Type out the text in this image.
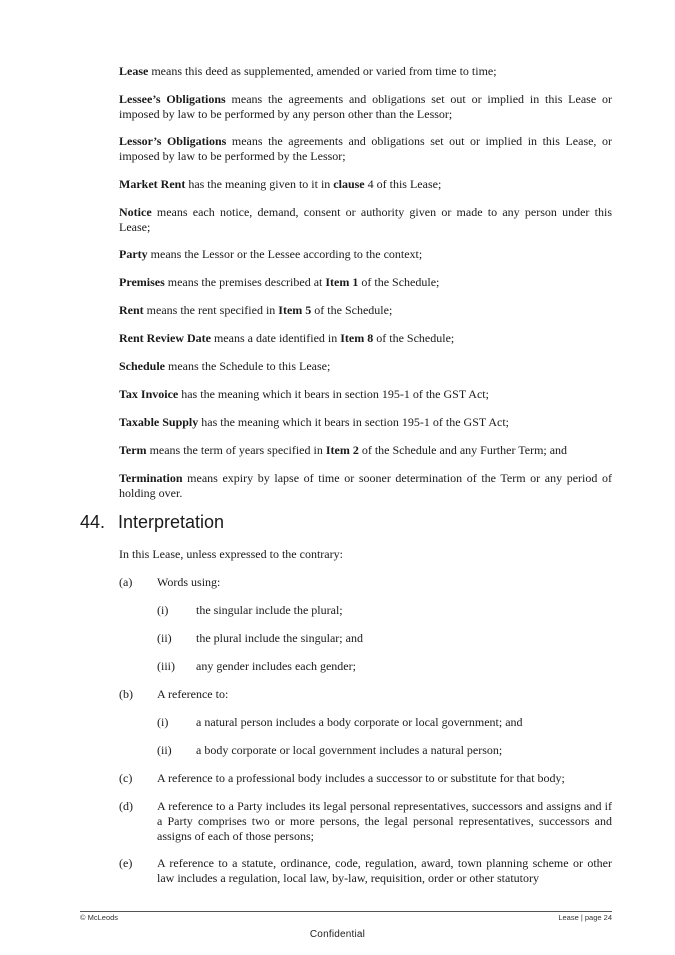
Lease means this deed as supplemented, amended or varied from time to time;
Lessee’s Obligations means the agreements and obligations set out or implied in this Lease or imposed by law to be performed by any person other than the Lessor;
Lessor’s Obligations means the agreements and obligations set out or implied in this Lease, or imposed by law to be performed by the Lessor;
Market Rent has the meaning given to it in clause 4 of this Lease;
Notice means each notice, demand, consent or authority given or made to any person under this Lease;
Party means the Lessor or the Lessee according to the context;
Premises means the premises described at Item 1 of the Schedule;
Rent means the rent specified in Item 5 of the Schedule;
Rent Review Date means a date identified in Item 8 of the Schedule;
Schedule means the Schedule to this Lease;
Tax Invoice has the meaning which it bears in section 195-1 of the GST Act;
Taxable Supply has the meaning which it bears in section 195-1 of the GST Act;
Term means the term of years specified in Item 2 of the Schedule and any Further Term; and
Termination means expiry by lapse of time or sooner determination of the Term or any period of holding over.
44. Interpretation
In this Lease, unless expressed to the contrary:
(a) Words using:
(i) the singular include the plural;
(ii) the plural include the singular; and
(iii) any gender includes each gender;
(b) A reference to:
(i) a natural person includes a body corporate or local government; and
(ii) a body corporate or local government includes a natural person;
(c) A reference to a professional body includes a successor to or substitute for that body;
(d) A reference to a Party includes its legal personal representatives, successors and assigns and if a Party comprises two or more persons, the legal personal representatives, successors and assigns of each of those persons;
(e) A reference to a statute, ordinance, code, regulation, award, town planning scheme or other law includes a regulation, local law, by-law, requisition, order or other statutory
© McLeods	Lease | page 24
Confidential
